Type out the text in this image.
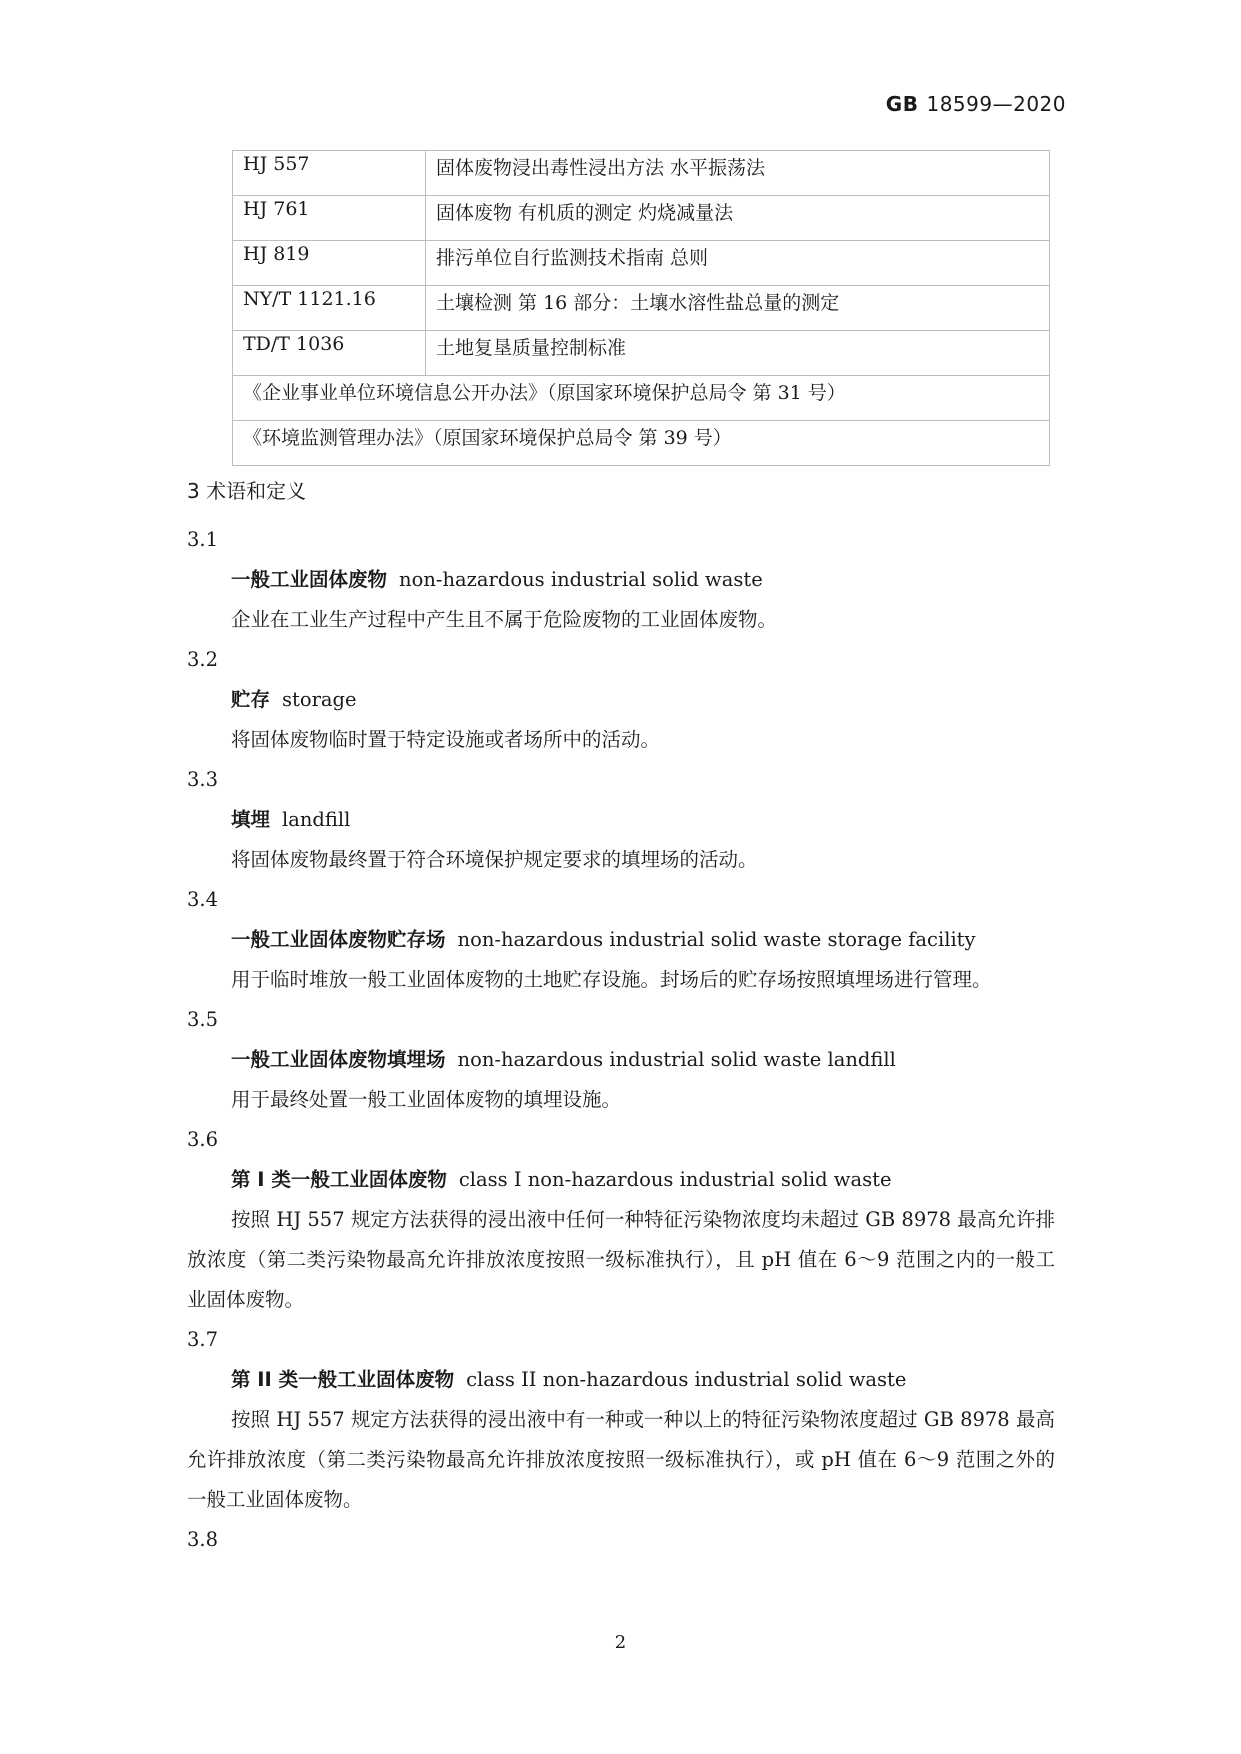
GB 18599—2020
HJ 557	固体废物浸出毒性浸出方法 水平振荡法
HJ 761	固体废物 有机质的测定 灼烧减量法
HJ 819	排污单位自行监测技术指南 总则
NY/T 1121.16	土壤检测 第 16 部分：土壤水溶性盐总量的测定
TD/T 1036	土地复垦质量控制标准
《企业事业单位环境信息公开办法》（原国家环境保护总局令 第 31 号）	
《环境监测管理办法》（原国家环境保护总局令 第 39 号）	
3 术语和定义
3.1
一般工业固体废物 non-hazardous industrial solid waste
企业在工业生产过程中产生且不属于危险废物的工业固体废物。
3.2
贮存 storage
将固体废物临时置于特定设施或者场所中的活动。
3.3
填埋 landfill
将固体废物最终置于符合环境保护规定要求的填埋场的活动。
3.4
一般工业固体废物贮存场 non-hazardous industrial solid waste storage facility
用于临时堆放一般工业固体废物的土地贮存设施。封场后的贮存场按照填埋场进行管理。
3.5
一般工业固体废物填埋场 non-hazardous industrial solid waste landfill
用于最终处置一般工业固体废物的填埋设施。
3.6
第 I 类一般工业固体废物 class I non-hazardous industrial solid waste
按照 HJ 557 规定方法获得的浸出液中任何一种特征污染物浓度均未超过 GB 8978 最高允许排放浓度（第二类污染物最高允许排放浓度按照一级标准执行），且 pH 值在 6～9 范围之内的一般工业固体废物。
3.7
第 II 类一般工业固体废物 class II non-hazardous industrial solid waste
按照 HJ 557 规定方法获得的浸出液中有一种或一种以上的特征污染物浓度超过 GB 8978 最高允许排放浓度（第二类污染物最高允许排放浓度按照一级标准执行），或 pH 值在 6～9 范围之外的一般工业固体废物。
3.8
2
